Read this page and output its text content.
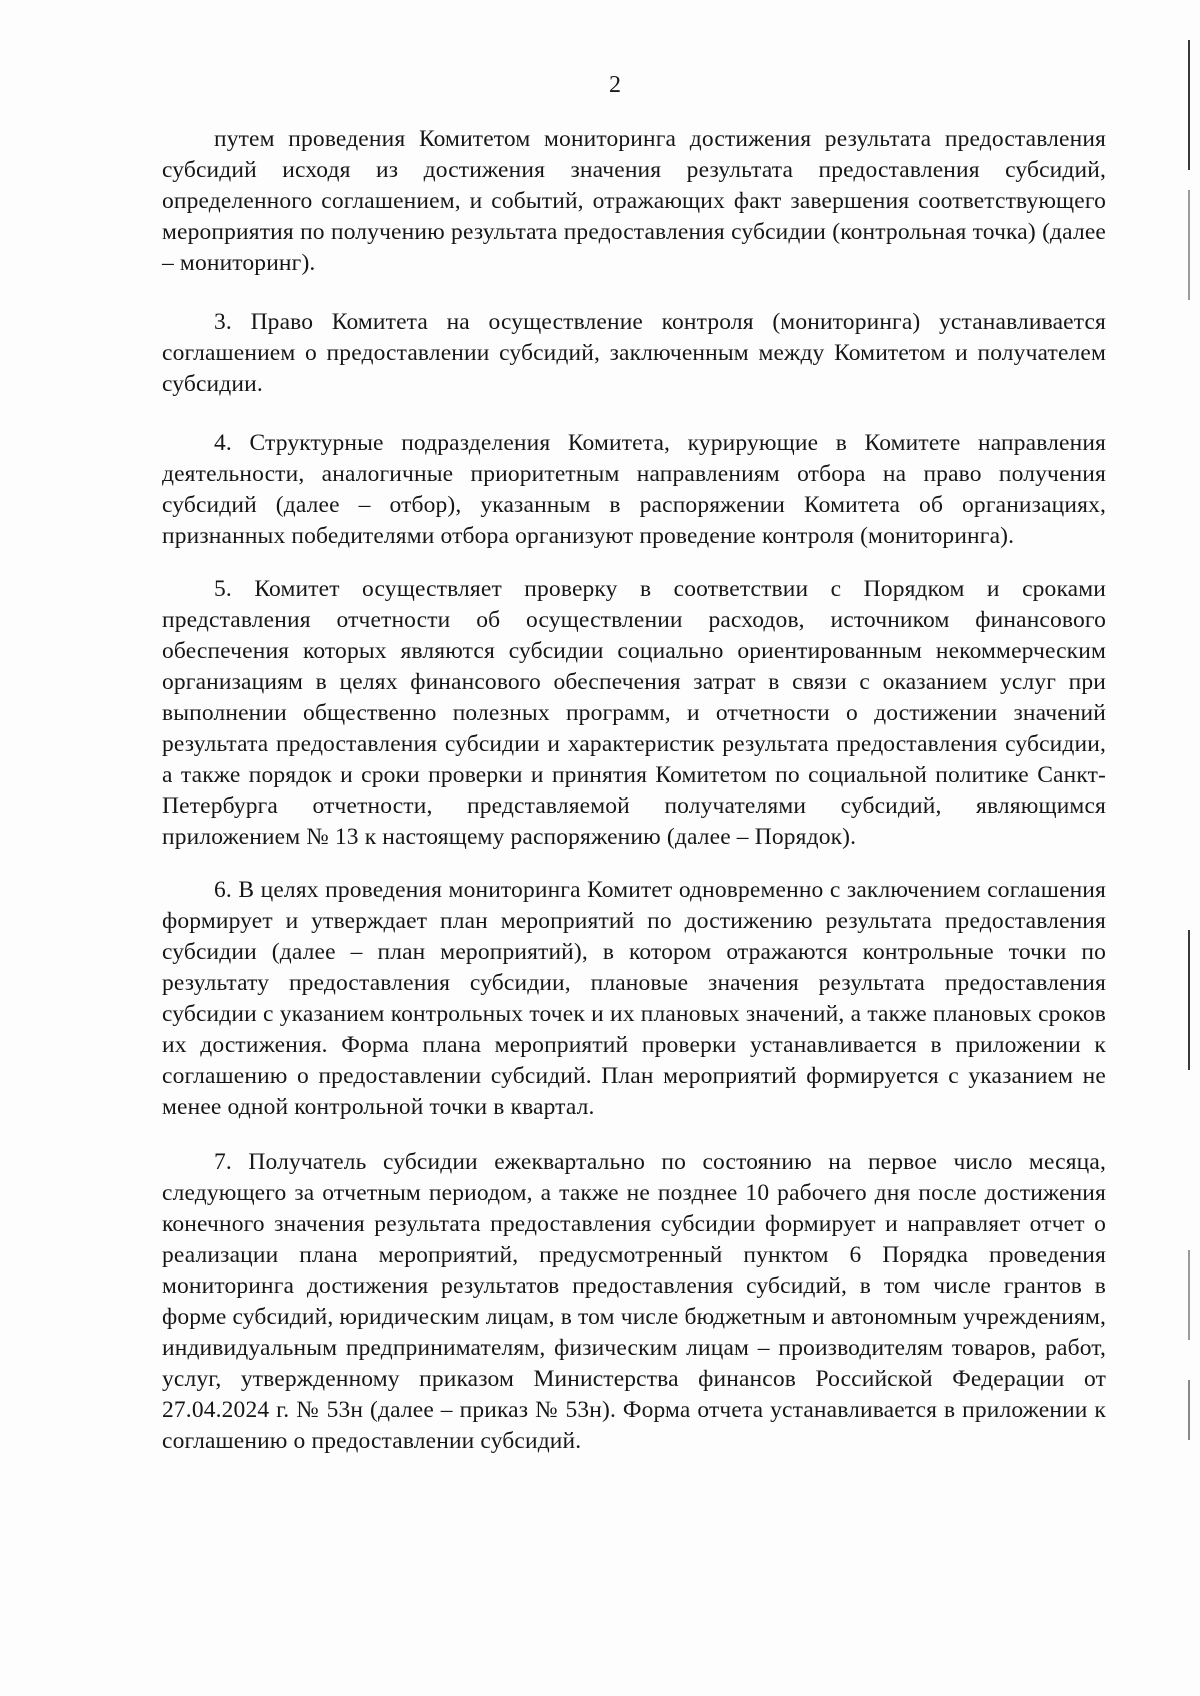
2

путем проведения Комитетом мониторинга достижения результата предоставления субсидий исходя из достижения значения результата предоставления субсидий, определенного соглашением, и событий, отражающих факт завершения соответствующего мероприятия по получению результата предоставления субсидии (контрольная точка) (далее – мониторинг).

3. Право Комитета на осуществление контроля (мониторинга) устанавливается соглашением о предоставлении субсидий, заключенным между Комитетом и получателем субсидии.

4. Структурные подразделения Комитета, курирующие в Комитете направления деятельности, аналогичные приоритетным направлениям отбора на право получения субсидий (далее – отбор), указанным в распоряжении Комитета об организациях, признанных победителями отбора организуют проведение контроля (мониторинга).

5. Комитет осуществляет проверку в соответствии с Порядком и сроками представления отчетности об осуществлении расходов, источником финансового обеспечения которых являются субсидии социально ориентированным некоммерческим организациям в целях финансового обеспечения затрат в связи с оказанием услуг при выполнении общественно полезных программ, и отчетности о достижении значений результата предоставления субсидии и характеристик результата предоставления субсидии, а также порядок и сроки проверки и принятия Комитетом по социальной политике Санкт-Петербурга отчетности, представляемой получателями субсидий, являющимся приложением № 13 к настоящему распоряжению (далее – Порядок).

6. В целях проведения мониторинга Комитет одновременно с заключением соглашения формирует и утверждает план мероприятий по достижению результата предоставления субсидии (далее – план мероприятий), в котором отражаются контрольные точки по результату предоставления субсидии, плановые значения результата предоставления субсидии с указанием контрольных точек и их плановых значений, а также плановых сроков их достижения. Форма плана мероприятий проверки устанавливается в приложении к соглашению о предоставлении субсидий. План мероприятий формируется с указанием не менее одной контрольной точки в квартал.

7. Получатель субсидии ежеквартально по состоянию на первое число месяца, следующего за отчетным периодом, а также не позднее 10 рабочего дня после достижения конечного значения результата предоставления субсидии формирует и направляет отчет о реализации плана мероприятий, предусмотренный пунктом 6 Порядка проведения мониторинга достижения результатов предоставления субсидий, в том числе грантов в форме субсидий, юридическим лицам, в том числе бюджетным и автономным учреждениям, индивидуальным предпринимателям, физическим лицам – производителям товаров, работ, услуг, утвержденному приказом Министерства финансов Российской Федерации от 27.04.2024 г. № 53н (далее – приказ № 53н). Форма отчета устанавливается в приложении к соглашению о предоставлении субсидий.
